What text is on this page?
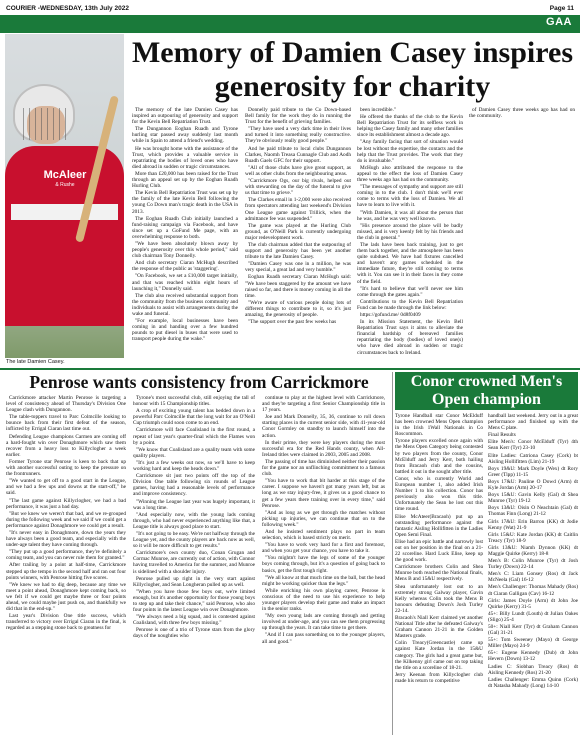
COURIER -WEDNESDAY, 13th July 2022	Page 11
GAA
McAleer
& Rushe
The late Damien Casey.
Memory of Damien Casey inspires generosity for charity

The memory of the late Damien Casey has inspired an outpouring of generosity and support for the Kevin Bell Repatriation Trust.

The Dungannon Eoghan Ruadh and Tyrone hurling star passed away suddenly last month while in Spain to attend a friend's wedding.

He was brought home with the assistance of the Trust, which provides a valuable service in repatriating the bodies of loved ones who have died abroad in sudden or tragic circumstances.

More than £20,000 has been raised for the Trust through an appeal set up by the Eoghan Ruadh Hurling Club.

The Kevin Bell Repatriation Trust was set up by the family of the late Kevin Bell following the young Co Down man's tragic death in the USA in 2013.

The Eoghan Ruadh Club initially launched a fund-raising campaign via Facebook, and have since set up a GoFund Me page, with an overwhelming response to both.

"We have been absolutely blown away by people's generosity over this whole period," said club chairman Tony Donnelly.

And club secretary Ciaran McHugh described the response of the public as 'staggering'.

"On Facebook, we set a £10,000 target initially, and that was reached within eight hours of launching it," Donnelly said.

The club also received substantial support from the community from the business community and individuals to assist with arrangements during the wake and funeral.

"For example, local businesses have been coming in and handing over a few hundred pounds to put diesel in buses that were used to transport people during the wake."

Donnelly paid tribute to the Co Down-based Bell family for the work they do in running the Trust for the benefit of grieving families.

"They have used a very dark time in their lives and turned it into something really constructive. They're obviously really good people."

And he paid tribute to local clubs Dungannon Clarkes, Naomh Treasa Cunnagle Club and Aodh Ruadh Gaels GFC for their support.

"All of those clubs have give great support, as well as other clubs from the neighbouring areas.

"Carrickmore Ogs, our big rivals, helped out with stewarding on the day of the funeral to give us that time to grieve."

The Clarkes email in 1-2,000 were also received from spectators attending last weekend's Division One League game against Trillick, when the admittance fee was suspended."

The game was played at the Hurling Club ground, as O'Neill Park is currently undergoing major redevelopment work.

The club chairman added that the outpouring of support and generosity has been yet another tribute to the late Damien Casey.

"Damien Casey was one in a million, he was very special, a great lad and very humble."

Eoghan Ruadh secretary Ciaran McHugh said: "We have been staggered by the amount we have raised so far, and there is money coming in all the time.

"We're aware of various people doing lots of different things to contribute to it, so it's just amazing, the generosity of people.

"The support over the past few weeks has

been incredible."

He offered the thanks of the club to the Kevin Bell Repatriation Trust for its selfless work in helping the Casey family and many other families since its establishment almost a decade ago.

"Any family facing that sort of situation would be lost without the expertise, the contacts and the help that the Trust provides. The work that they do is invaluable."

McHugh also attributed the response to the appeal to the effect the loss of Damien Casey three weeks ago has had on the community.

"The messages of sympathy and support are still coming in to the club. I don't think we'll ever come to terms with the loss of Damien. We all have to learn to live with it.

"With Damien, it was all about the person that he was, and he was very well known.

"His presence around the place will be badly missed, and is very keenly felt by his friends and the club in general."

The lads have been back training, just to get them back together, and the atmosphere has been quite subdued. We have had fixtures cancelled and haven't any games scheduled in the immediate future, they're still coming to terms with it. You can see it in their faces in they come of the field.

"It's hard to believe that we'll never see him come through the gates again."

Contributions to the Kevin Bell Repatriation Fund can be made through the link below:

https://gofund.me/ 0d8f0409

In its Mission Statement, the Kevin Bell Repatriation Trust says it aims to alleviate the financial hardship of bereaved families repatriating the body (bodies) of loved one(s) who have died abroad in sudden or tragic circumstances back to Ireland.

of Damien Casey three weeks ago has had on the community.

Penrose wants consistency from Carrickmore

Carrickmore attacker Martin Penrose is targeting a level of consistency ahead of Thursday's Division One League clash with Dungannon.

The table-toppers travel to Parc Colmcille looking to bounce back from their first defeat of the season, inflicted by Errigal Ciaran last time out.

Defending League champions Carmen are coming off a hard-fought win over Donaghmore which saw them recover from a heavy loss to Killyclogher a week earlier.

Former Tyrone star Penrose is keen to back that up with another successful outing to keep the pressure on the frontrunners.

"We wanted to get off to a good start in the League, and we had a few ups and downs at the start-off," he said.

"The last game against Killyclogher, we had a bad performance, it was just a bad day.

"But we knew we weren't that bad, and we re-grouped during the following week and we said if we could get a performance against Donaghmore we could get a result.

"It's never easy in Donaghmore, down the years they have always been a good team, and especially with the under-age talent they have coming through.

"They put up a good performance, they're definitely a coming team, and you can never rule them for granted."

After trailing by a point at half-time, Carrickmore stepped up the tempo in the second half and ran out four points winners, with Penrose hitting five scores.

"We knew we had to dig deep, because any time we meet a point ahead, Donaghmore kept coming back, so we felt if we could get maybe three or four points ahead, we could maybe just push on, and thankfully we did that in the end-up."

Last year's Division One title success, which transferred to victory over Errigal Ciaran in the final, is regarded as a stepping stone back to greatness for

Tyrone's most successful club, still enjoying the tall of honour with 15 Championship titles.

A crop of exciting young talent has bedded down in a powerful Parc Colmcille that the long wait for an O'Neill Cup triumph could soon come to an end.

Carrickmore will face Coalisland in the first round, a repeat of last year's quarter-final which the Flames won by a point.

"We know that Coalisland are a quality team with some quality players.

"It's just a few weeks out now, so we'll have to keep working hard and keep the heads down."

Carrickmore sit just two points off the top of the Division One table following six rounds of League games, having had a reasonable levels of performance and improve consistency.

"Winning the League last year was hugely important, it was a long time.

"And especially now, with the young lads coming through, who had never experienced anything like that, a League title is always good place to start.

"It's not going to be easy. We're not halfway through the League yet, and the county players are back now as well, so it will be more difficult to get results."

Carrickmore's own county duo, Conan Grugan and Cormac Munroe, are currently out of action, with Connor having travelled to America for the summer, and Munroe is sidelined with a shoulder injury.

Penrose pulled up right in the very start against Killyclogher, and Sean Longheran pulled up as well.

"When you have those few boys out, we're limited enough, but it's another opportunity for those young boys to step up and take their chance," said Penrose, who also four points in the latest League win over Donaghmore.

"We always need a big squad, and is contested against Coalisland, with three few boys missing."

Penrose is one of a trio of Tyrone stars from the glory days of the noughties who

continue to play at the highest level with Carrickmore, and they're targeting a first Senior Championship title in 17 years.

Joe and Mark Donnelly, 35, 36, continue to roll down starting places in the current senior side, with 41-year-old Conor Gormley on standby to launch himself into the action.

In their prime, they were key players during the most successful era for the Red Hands county, when All-Ireland titles were claimed in 2003, 2005 and 2008.

The passing of time has diminished neither their passion for the game nor an unflinching commitment to a famous club.

"You have to work that bit harder at this stage of the career. I suppose we haven't got many years left, but as long as we stay injury-free, it gives us a good chance to get a few years there training over in every time," said Penrose.

"And as long as we get through the matches without picking up injuries, we can continue that on to the following week."

And he insisted sentiment plays no part in team selection, which is based strictly on merit.

"You have to work very hard for a first and foremost, and when you get your chance, you have to take it.

"You mightn't have the legs of some of the younger boys coming through, but it's a question of going back to basics, get the first tough right.

"We all know at that much time on the ball, but the head might be working quicker than the legs."

While enriching his own playing career, Penrose is conscious of the need to use his experience to help younger players develop their game and make an impact in the senior ranks.

"My own young lads are coming through and getting involved at under-age, and you can see them progressing up through the years. It can take time to get there.

"And if I can pass something on to the younger players, all and good."

Conor crowned Men's Open champion

Tyrone Handball star Conor McElduff has been crowned Mens Open champion in the Irish 1Wall Nationals in Co Roscommon.

Tyrone players excelled once again with the Mens Open Category being contested by two players from the county, Conor McElduff and Jerry Kerr, both hailing from Bracaoh club and the cousins, battled it out in the sought after title.

Conor, who is currently World and European number 1, also added Irish Number 1 to his collection. Conor has previously also won this title. Unfortunately the Sean he lost out this time round.

Elise McAteer(Bracaoh) put up an outstanding performance against the fantastic Aisling Hollifitten in the Ladies Open Semi Final.

Elise had an epic battle and narrowly lost out on her position in the final on a 21-22 scoreline. Hard Luck Elise, keep up the good work.

Carrickmore brothers Colin and Shea Munroe both reached the National finals, Mens B and 15&U respectively.

Shea unfortunately lost out to an extremely strong Galway player, Gavin Kelly whereas Colin took the Mens B honours defeating Down's Josh Turley 22-14.

Bracaoh's Niall Kerr claimed yet another National Title after he defeated Galway's Graham Cannon 21-21 in the Golden Masters grade.

Colin Treacy(Greencastle) came up against Kate Jordan in the 15&U category. The girls had a great game but, the Kilkenny girl came out on top taking the title on a scoreline of 18-21.

Jerry Keenan from Killyclogher club made his return to competitive

handball last weekend. Jerry out in a great performance and finished up with the Mens C plate.

Final Results

Elite Men's: Conor McElduff (Tyr) 4th Sean Kerr (Tyr) 23-10

Elite Ladies: Catriona Casey (Cork) bt Aisling Hollifitten (Lim) 21-19

Boys 19&U: Mark Doyle (Wex) dt Rory Greer (Tipp) 11-15

Boys 17&U: Pauline O Dowd (Arm) dt Kyle Jordan (Arm) 20-17

Boys 15&U: Gavin Kelly (Gal) dt Shea Munroe (Tyr) 19-12

Boys 13&U: Oisin O Neachtain (Gal) dt Thomas Finn (Long) 21-12

Girls 17&U: Erin Barron (KK) dt Jodie Kenny (Wat) 21-9

Girls 15&U: Kate Jordan (KK) dt Caitlin Treacy (Tyr) 18-9

Girls 13&U: Niamh Dynnon (KK) dt Maggie Quirke (Kerry) 18-8

Men's B: Colin Munroe (Tyr) dt Josh Turley (Down) 22-14

Men's C: Liam Gonsey (Ros) dt Jack McNeela (Gal) 16-12

Men's Challenger: Thomas Mahady (Ros) dt Ciaran Galligan (Cav) 16-12

Girls: James Doyle (Arm) dt John Joe Quirke (Kerry) 31-5

45+: Billy Lundt (Louth) dt Julian Oakes (Sligo) 25-4

50+: Niall Kerr (Tyr) dt Graham Cannon (Gal) 31-21

55+: Tom Sweeney (Mayo) dt George Miller (Mayo) 24-9

65+: Eugene Kennedy (Dub) dt John Hevern (Down) 13-12

Ladies C: Siobhan Treacy (Ros) dt Aisling Kennedy (Ros) 21-20

Ladies Challenger: Emma Quinn (Cork) dt Natasha Mahady (Long) 14-10
